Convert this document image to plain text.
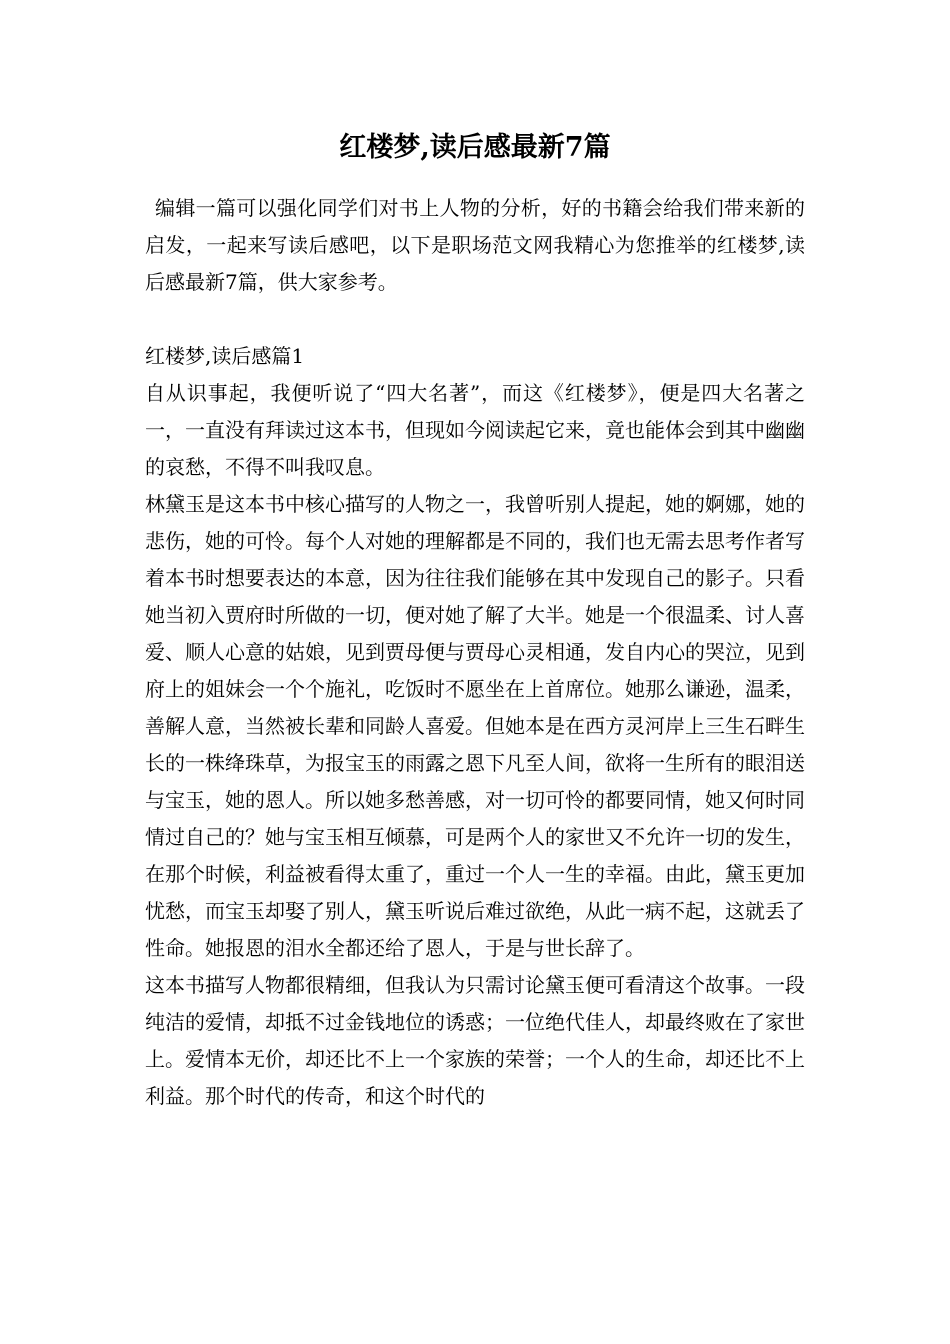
红楼梦,读后感最新7篇

编辑一篇可以强化同学们对书上人物的分析，好的书籍会给我们带来新的启发，一起来写读后感吧，以下是职场范文网我精心为您推举的红楼梦,读后感最新7篇，供大家参考。

红楼梦,读后感篇1

自从识事起，我便听说了“四大名著”，而这《红楼梦》，便是四大名著之一，一直没有拜读过这本书，但现如今阅读起它来，竟也能体会到其中幽幽的哀愁，不得不叫我叹息。

林黛玉是这本书中核心描写的人物之一，我曾听别人提起，她的婀娜，她的悲伤，她的可怜。每个人对她的理解都是不同的，我们也无需去思考作者写着本书时想要表达的本意，因为往往我们能够在其中发现自己的影子。只看她当初入贾府时所做的一切，便对她了解了大半。她是一个很温柔、讨人喜爱、顺人心意的姑娘，见到贾母便与贾母心灵相通，发自内心的哭泣，见到府上的姐妹会一个个施礼，吃饭时不愿坐在上首席位。她那么谦逊，温柔，善解人意，当然被长辈和同龄人喜爱。但她本是在西方灵河岸上三生石畔生长的一株绛珠草，为报宝玉的雨露之恩下凡至人间，欲将一生所有的眼泪送与宝玉，她的恩人。所以她多愁善感，对一切可怜的都要同情，她又何时同情过自己的？她与宝玉相互倾慕，可是两个人的家世又不允许一切的发生，在那个时候，利益被看得太重了，重过一个人一生的幸福。由此，黛玉更加忧愁，而宝玉却娶了别人，黛玉听说后难过欲绝，从此一病不起，这就丢了性命。她报恩的泪水全都还给了恩人，于是与世长辞了。

这本书描写人物都很精细，但我认为只需讨论黛玉便可看清这个故事。一段纯洁的爱情，却抵不过金钱地位的诱惑；一位绝代佳人，却最终败在了家世上。爱情本无价，却还比不上一个家族的荣誉；一个人的生命，却还比不上利益。那个时代的传奇，和这个时代的
